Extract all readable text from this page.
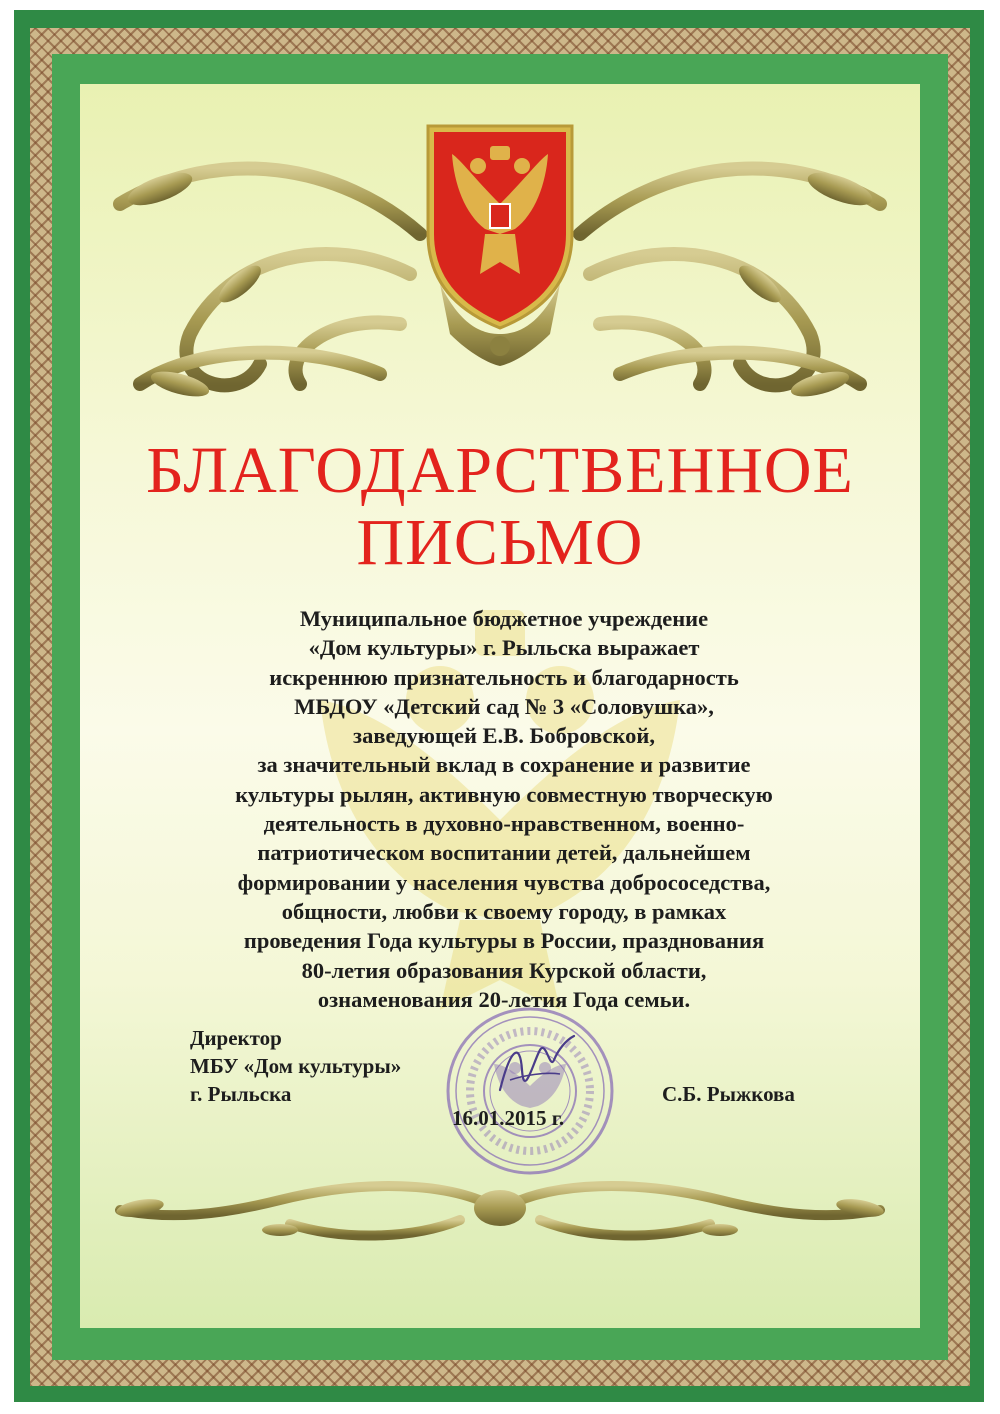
БЛАГОДАРСТВЕННОЕ
ПИСЬМО
Муниципальное бюджетное учреждение
«Дом культуры» г. Рыльска выражает
искреннюю признательность и благодарность
МБДОУ «Детский сад № 3 «Соловушка»,
заведующей Е.В. Бобровской,
за значительный вклад в сохранение и развитие
культуры рылян, активную совместную творческую
деятельность в духовно-нравственном, военно-
патриотическом воспитании детей, дальнейшем
формировании у населения чувства добрососедства,
общности, любви к своему городу, в рамках
проведения Года культуры в России, празднования
80-летия образования Курской области,
ознаменования 20-летия Года семьи.
Директор
МБУ «Дом культуры»
г. Рыльска	С.Б. Рыжкова
16.01.2015 г.
